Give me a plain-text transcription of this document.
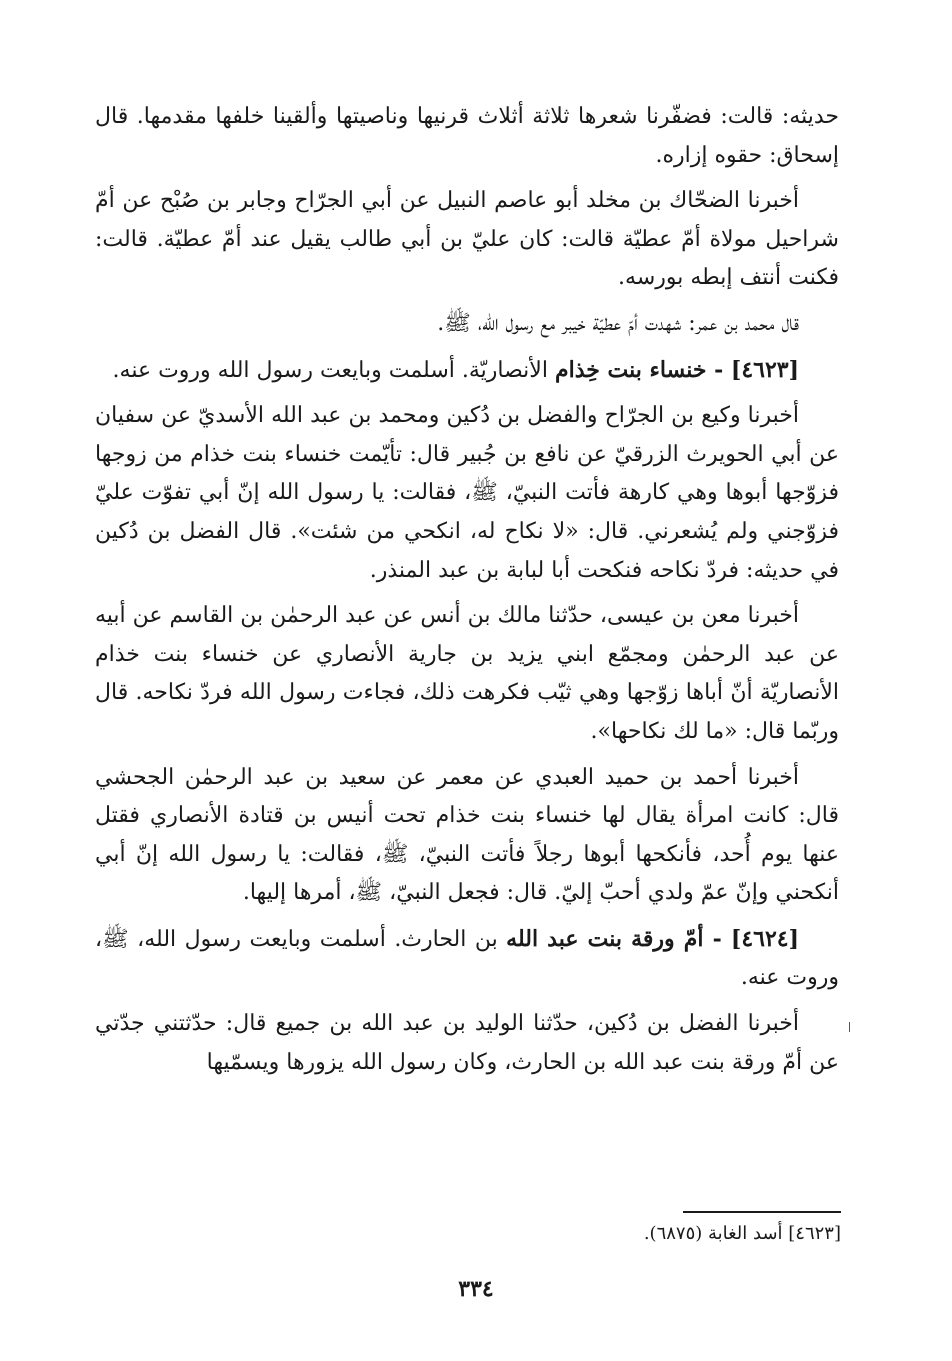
حديثه: قالت: فضفّرنا شعرها ثلاثة أثلاث قرنيها وناصيتها وألقينا خلفها مقدمها. قال إسحاق: حقوه إزاره.

أخبرنا الضحّاك بن مخلد أبو عاصم النبيل عن أبي الجرّاح وجابر بن صُبْح عن أمّ شراحيل مولاة أمّ عطيّة قالت: كان عليّ بن أبي طالب يقيل عند أمّ عطيّة. قالت: فكنت أنتف إبطه بورسه.

قال محمد بن عمر: شهدت أمّ عطيّة خيبر مع رسول الله، ﷺ.

[٤٦٢٣] - خنساء بنت خِذام الأنصاريّة. أسلمت وبايعت رسول الله وروت عنه.

أخبرنا وكيع بن الجرّاح والفضل بن دُكين ومحمد بن عبد الله الأسديّ عن سفيان عن أبي الحويرث الزرقيّ عن نافع بن جُبير قال: تأيّمت خنساء بنت خذام من زوجها فزوّجها أبوها وهي كارهة فأتت النبيّ، ﷺ، فقالت: يا رسول الله إنّ أبي تفوّت عليّ فزوّجني ولم يُشعرني. قال: «لا نكاح له، انكحي من شئت». قال الفضل بن دُكين في حديثه: فردّ نكاحه فنكحت أبا لبابة بن عبد المنذر.

أخبرنا معن بن عيسى، حدّثنا مالك بن أنس عن عبد الرحمٰن بن القاسم عن أبيه عن عبد الرحمٰن ومجمّع ابني يزيد بن جارية الأنصاري عن خنساء بنت خذام الأنصاريّة أنّ أباها زوّجها وهي ثيّب فكرهت ذلك، فجاءت رسول الله فردّ نكاحه. قال وربّما قال: «ما لك نكاحها».

أخبرنا أحمد بن حميد العبدي عن معمر عن سعيد بن عبد الرحمٰن الجحشي قال: كانت امرأة يقال لها خنساء بنت خذام تحت أنيس بن قتادة الأنصاري فقتل عنها يوم أُحد، فأنكحها أبوها رجلاً فأتت النبيّ، ﷺ، فقالت: يا رسول الله إنّ أبي أنكحني وإنّ عمّ ولدي أحبّ إليّ. قال: فجعل النبيّ، ﷺ، أمرها إليها.

[٤٦٢٤] - أمّ ورقة بنت عبد الله بن الحارث. أسلمت وبايعت رسول الله، ﷺ، وروت عنه.

أخبرنا الفضل بن دُكين، حدّثنا الوليد بن عبد الله بن جميع قال: حدّثتني جدّتي عن أمّ ورقة بنت عبد الله بن الحارث، وكان رسول الله يزورها ويسمّيها

[٤٦٢٣] أسد الغابة (٦٨٧٥).
٣٣٤
